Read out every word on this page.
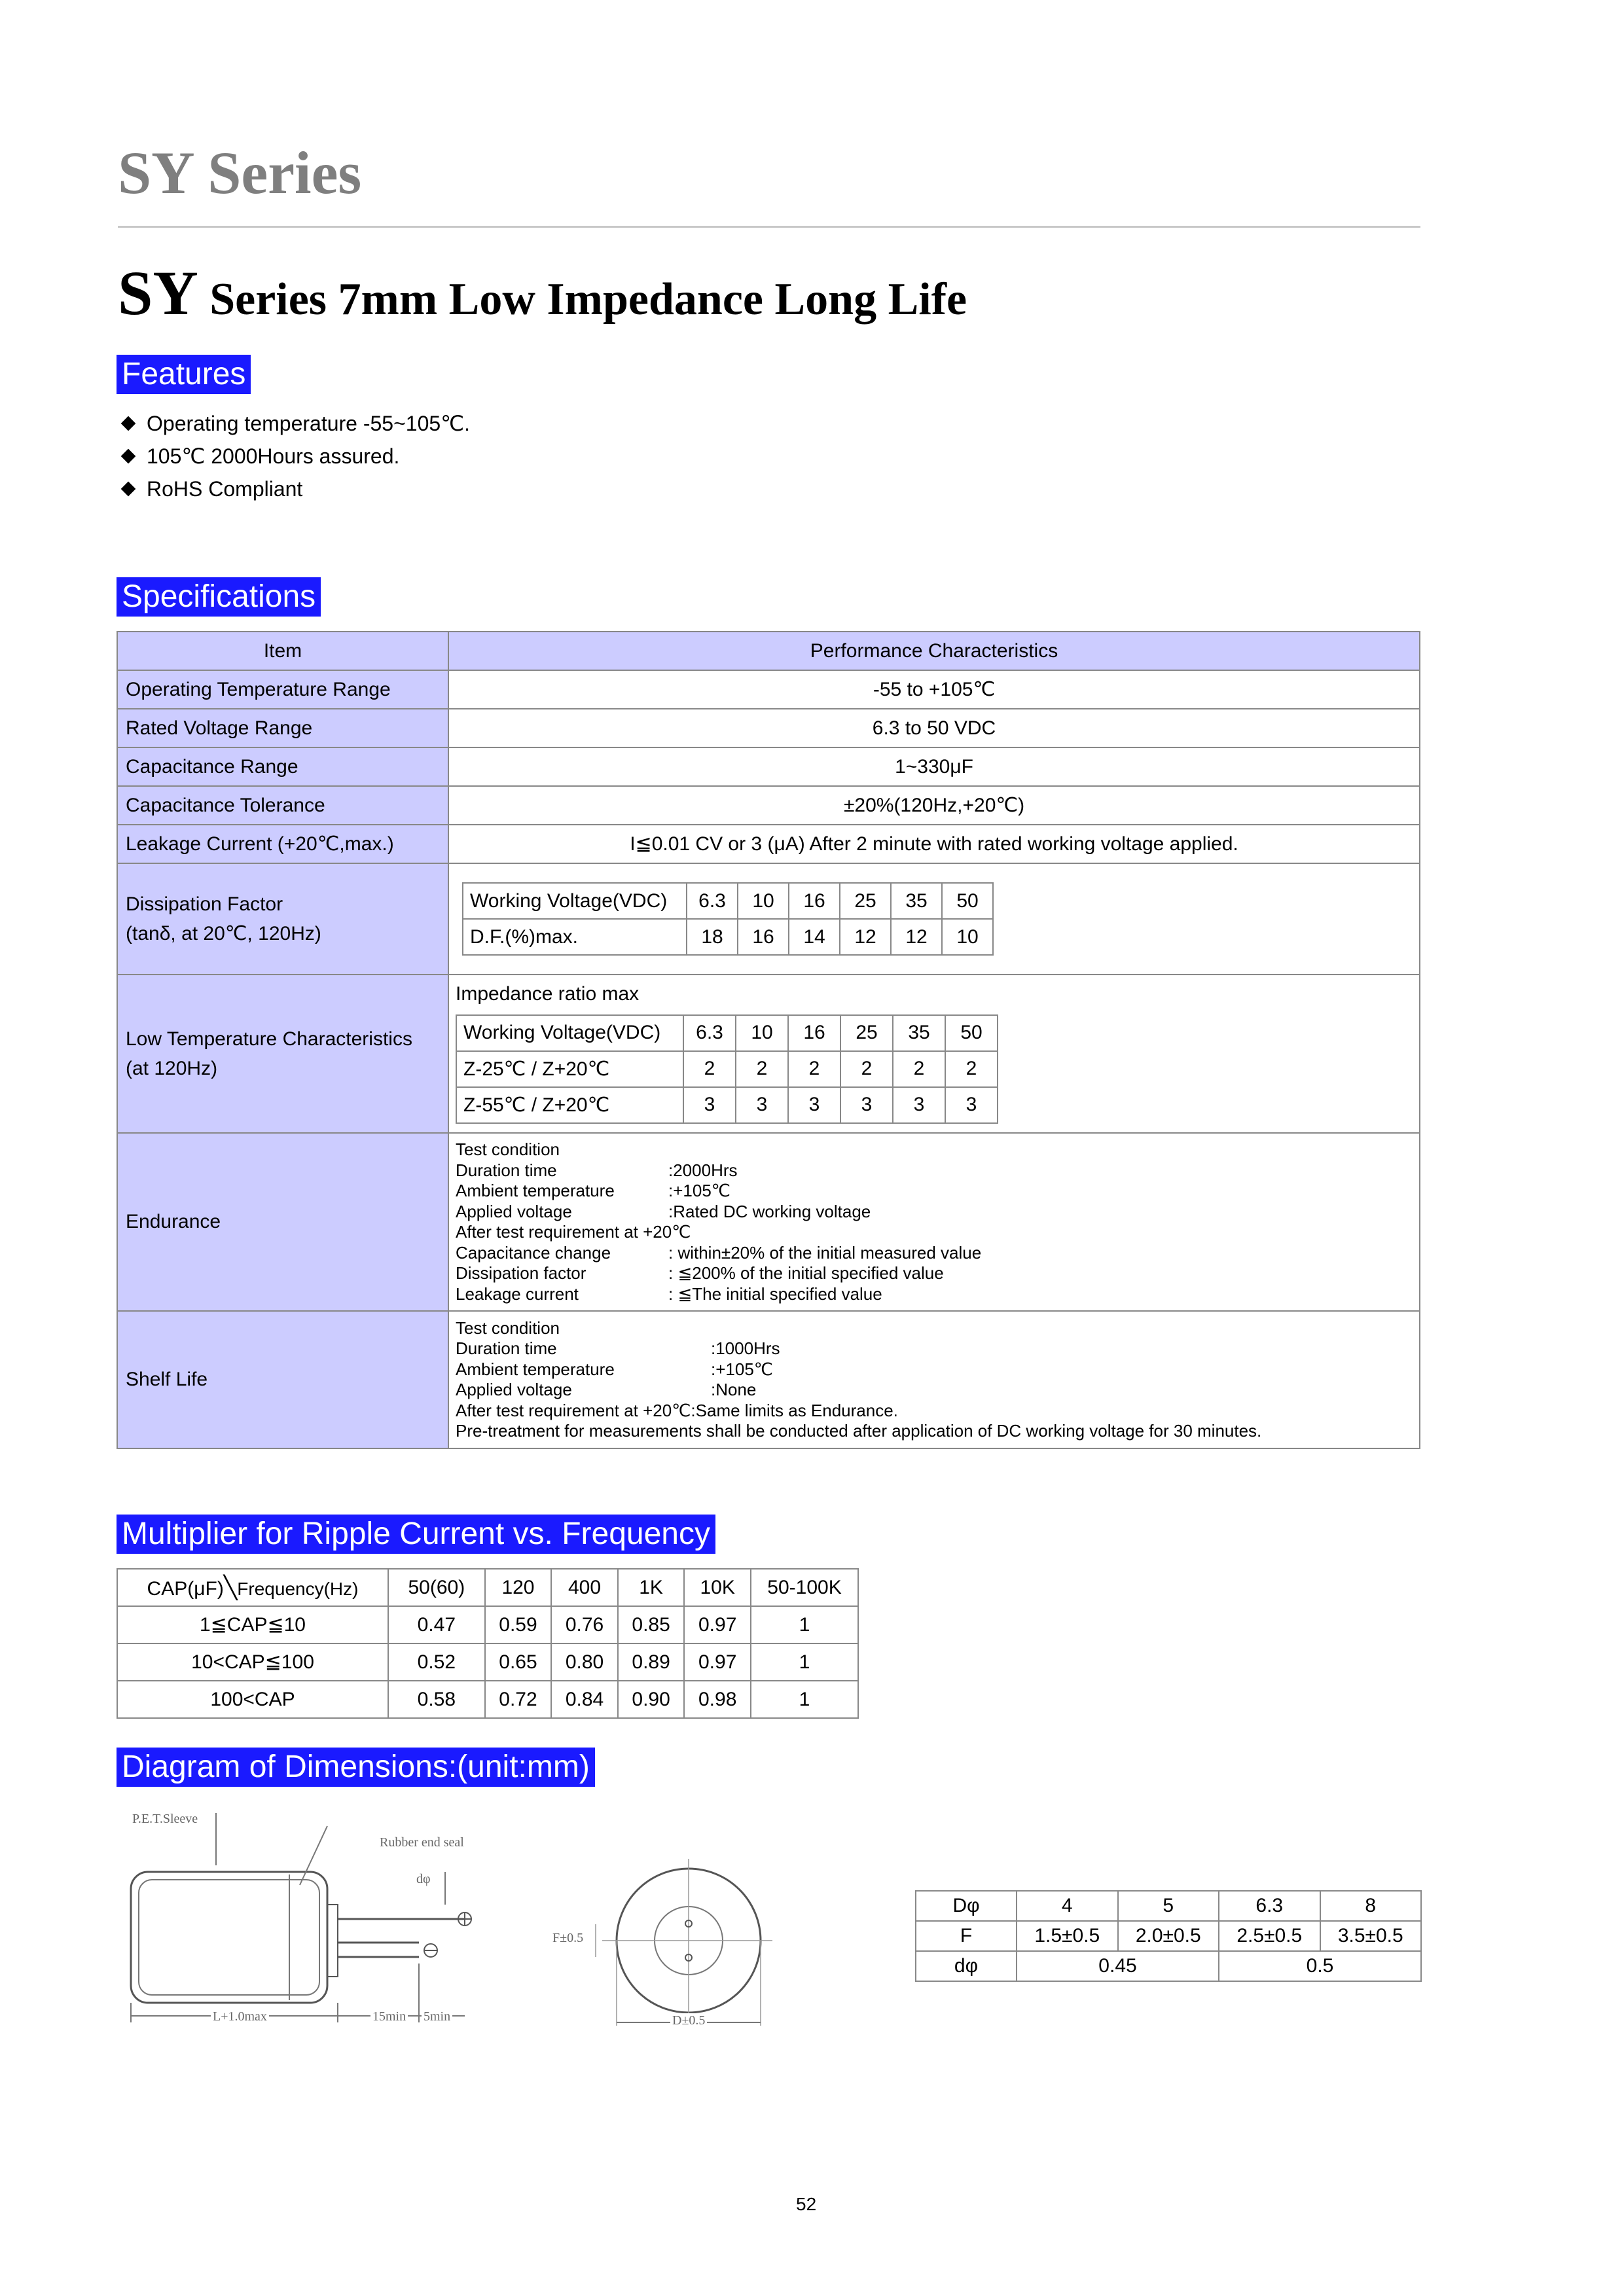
SY Series
SY Series 7mm Low Impedance Long Life
Features
Operating temperature -55~105℃.
105℃ 2000Hours assured.
RoHS Compliant
Specifications
Item	Performance Characteristics
Operating Temperature Range	-55 to +105℃
Rated Voltage Range	6.3 to 50 VDC
Capacitance Range	1~330μF
Capacitance Tolerance	±20%(120Hz,+20℃)
Leakage Current (+20℃,max.)	I≦0.01 CV or 3 (μA) After 2 minute with rated working voltage applied.

Dissipation Factor
(tanδ, at 20℃, 120Hz)

Working Voltage(VDC)	6.3	10	16	25	35	50
D.F.(%)max.	18	16	14	12	12	10

Low Temperature Characteristics
(at 120Hz)

Impedance ratio max
Working Voltage(VDC)	6.3	10	16	25	35	50
Z-25℃ / Z+20℃	2	2	2	2	2	2
Z-55℃ / Z+20℃	3	3	3	3	3	3

Endurance	
Test condition
Duration time	:2000Hrs
Ambient temperature	:+105℃
Applied voltage	:Rated DC working voltage
After test requirement at +20℃
Capacitance change	: within±20% of the initial measured value
Dissipation factor	: ≦200% of the initial specified value
Leakage current	: ≦The initial specified value

Shelf Life	
Test condition
Duration time	:1000Hrs
Ambient temperature	:+105℃
Applied voltage	:None
After test requirement at +20℃:Same limits as Endurance.
Pre-treatment for measurements shall be conducted after application of DC working voltage for 30 minutes.
Multiplier for Ripple Current vs. Frequency
CAP(μF)╲Frequency(Hz)	50(60)	120	400	1K	10K	50-100K
1≦CAP≦10	0.47	0.59	0.76	0.85	0.97	1
10<CAP≦100	0.52	0.65	0.80	0.89	0.97	1
100<CAP	0.58	0.72	0.84	0.90	0.98	1
Diagram of Dimensions:(unit:mm)
P.E.T.Sleeve
Rubber end seal
dφ
L+1.0max	15min 5min
F±0.5
D±0.5
Dφ	4	5	6.3	8
F	1.5±0.5	2.0±0.5	2.5±0.5	3.5±0.5
dφ	0.45		0.5	
52
